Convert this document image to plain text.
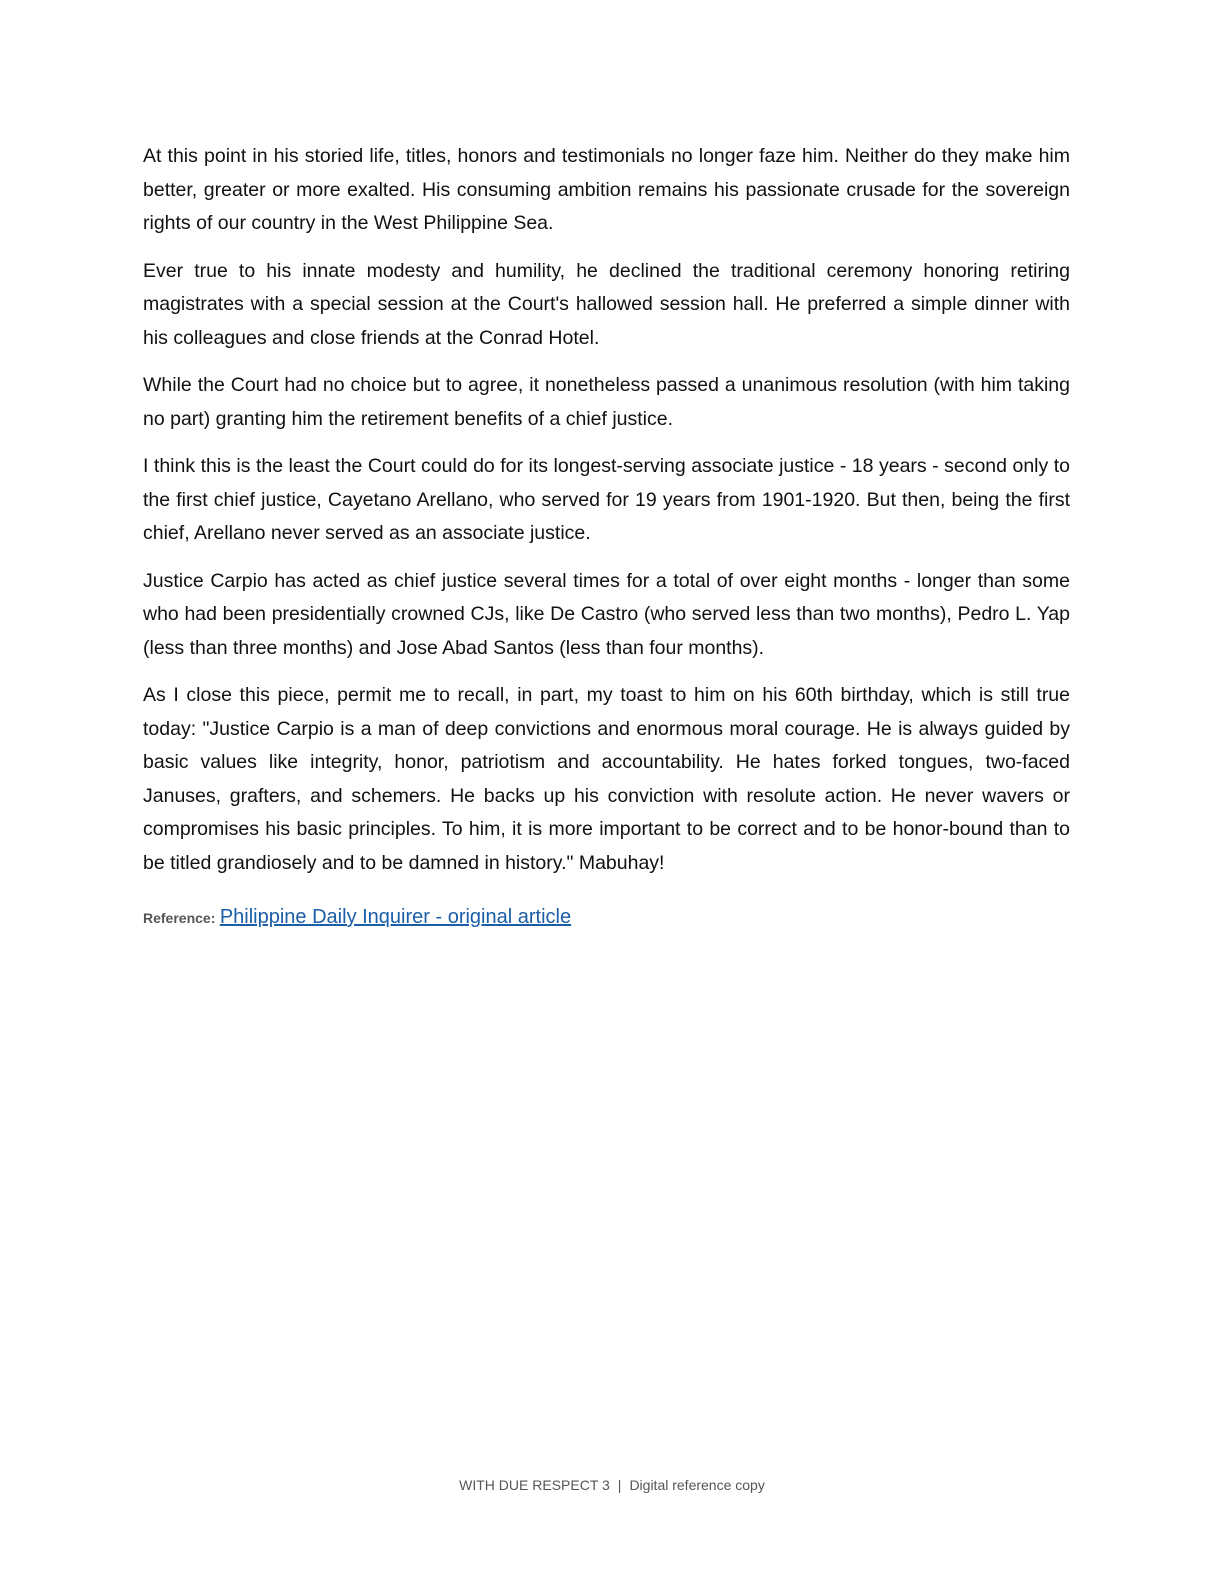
At this point in his storied life, titles, honors and testimonials no longer faze him. Neither do they make him better, greater or more exalted. His consuming ambition remains his passionate crusade for the sovereign rights of our country in the West Philippine Sea.

Ever true to his innate modesty and humility, he declined the traditional ceremony honoring retiring magistrates with a special session at the Court's hallowed session hall. He preferred a simple dinner with his colleagues and close friends at the Conrad Hotel.

While the Court had no choice but to agree, it nonetheless passed a unanimous resolution (with him taking no part) granting him the retirement benefits of a chief justice.

I think this is the least the Court could do for its longest-serving associate justice - 18 years - second only to the first chief justice, Cayetano Arellano, who served for 19 years from 1901-1920. But then, being the first chief, Arellano never served as an associate justice.

Justice Carpio has acted as chief justice several times for a total of over eight months - longer than some who had been presidentially crowned CJs, like De Castro (who served less than two months), Pedro L. Yap (less than three months) and Jose Abad Santos (less than four months).

As I close this piece, permit me to recall, in part, my toast to him on his 60th birthday, which is still true today: "Justice Carpio is a man of deep convictions and enormous moral courage. He is always guided by basic values like integrity, honor, patriotism and accountability. He hates forked tongues, two-faced Januses, grafters, and schemers. He backs up his conviction with resolute action. He never wavers or compromises his basic principles. To him, it is more important to be correct and to be honor-bound than to be titled grandiosely and to be damned in history." Mabuhay!

Reference: Philippine Daily Inquirer - original article
WITH DUE RESPECT 3 | Digital reference copy
